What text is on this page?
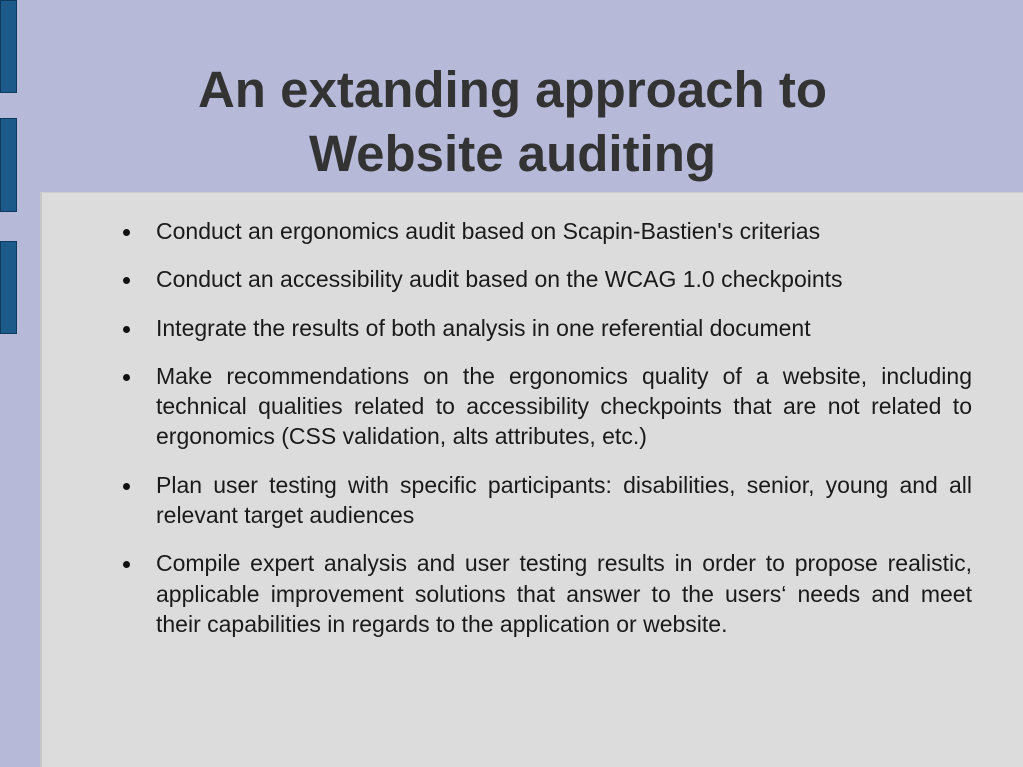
An extanding approach to
Website auditing
Conduct an ergonomics audit based on Scapin-Bastien's criterias
Conduct an accessibility audit based on the WCAG 1.0 checkpoints
Integrate the results of both analysis in one referential document
Make recommendations on the ergonomics quality of a website, including technical qualities related to accessibility checkpoints that are not related to ergonomics (CSS validation, alts attributes, etc.)
Plan user testing with specific participants: disabilities, senior, young and all relevant target audiences
Compile expert analysis and user testing results in order to propose realistic, applicable improvement solutions that answer to the users‘ needs and meet their capabilities in regards to the application or website.
